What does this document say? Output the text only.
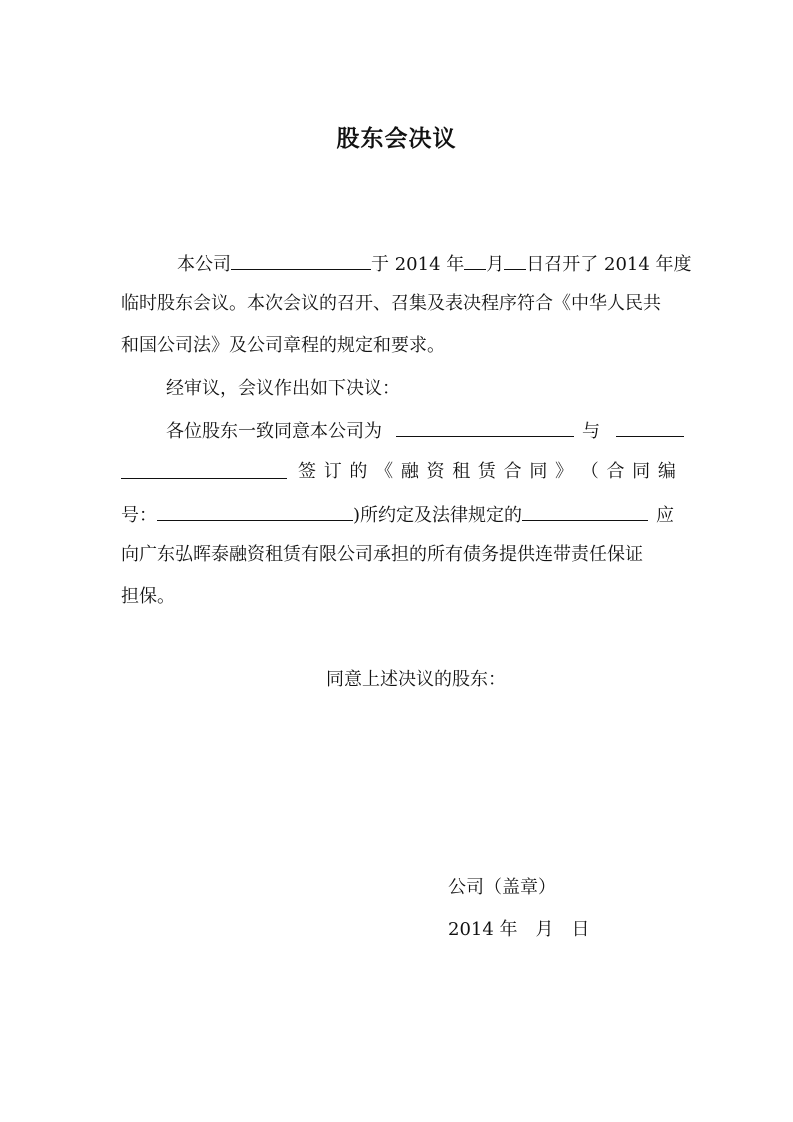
股东会决议
本公司	于 2014 年 月 日召开了 2014 年度
临时股东会议。本次会议的召开、召集及表决程序符合《中华人民共
和国公司法》及公司章程的规定和要求。
经审议，会议作出如下决议：
各位股东一致同意本公司为	与
签 订 的 《 融 资 租 赁 合 同 》 （ 合 同 编
号：	)所约定及法律规定的	应
向广东弘晖泰融资租赁有限公司承担的所有债务提供连带责任保证
担保。
同意上述决议的股东：
公司（盖章）
2014 年　月　日
